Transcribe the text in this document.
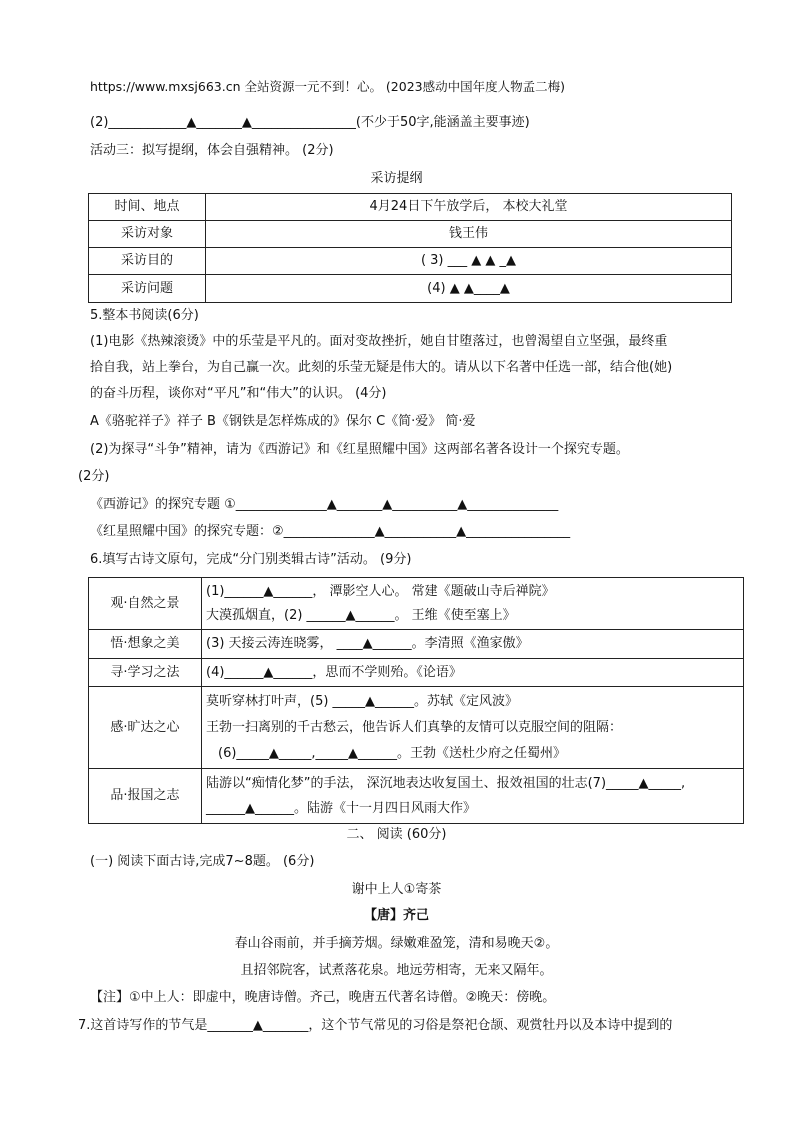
https://www.mxsj663.cn 全站资源一元不到！心。 (2023感动中国年度人物孟二梅)
(2)____________▲_______▲________________(不少于50字,能涵盖主要事迹)
活动三：拟写提纲，体会自强精神。 (2分)
采访提纲
时间、地点	4月24日下午放学后， 本校大礼堂
采访对象	钱王伟
采访目的	( 3) ___ ▲ ▲ _▲
采访问题	(4) ▲ ▲____▲
5.整本书阅读(6分)
(1)电影《热辣滚烫》中的乐莹是平凡的。面对变故挫折，她自甘堕落过，也曾渴望自立坚强，最终重
拾自我，站上拳台，为自己赢一次。此刻的乐莹无疑是伟大的。请从以下名著中任选一部，结合他(她)
的奋斗历程，谈你对“平凡”和“伟大”的认识。 (4分)
A《骆驼祥子》祥子 B《钢铁是怎样炼成的》保尔 C《简·爱》 简·爱
(2)为探寻“斗争”精神，请为《西游记》和《红星照耀中国》这两部名著各设计一个探究专题。
(2分)
《西游记》的探究专题 ①______________▲_______▲__________▲______________
《红星照耀中国》的探究专题：②______________▲___________▲________________
6.填写古诗文原句，完成“分门别类辑古诗”活动。 (9分)
观·自然之景	(1)______▲______， 潭影空人心。 常建《题破山寺后禅院》
大漠孤烟直，(2) ______▲______。 王维《使至塞上》

悟·想象之美	(3) 天接云涛连晓雾， ____▲______。李清照《渔家傲》

寻·学习之法	(4)______▲______，思而不学则殆。《论语》

感·旷达之心	莫听穿林打叶声，(5) _____▲______。苏轼《定风波》
王勃一扫离别的千古愁云，他告诉人们真挚的友情可以克服空间的阻隔：
(6)_____▲_____,_____▲______。王勃《送杜少府之任蜀州》

品·报国之志	陆游以“痴情化梦”的手法， 深沉地表达收复国土、报效祖国的壮志(7)_____▲_____,
______▲______。陆游《十一月四日风雨大作》
二、 阅读 (60分)
(一) 阅读下面古诗,完成7~8题。 (6分)
谢中上人①寄茶
【唐】齐己
春山谷雨前，并手摘芳烟。绿嫩难盈笼，清和易晚天②。
且招邻院客，试煮落花泉。地远劳相寄，无来又隔年。
【注】①中上人：即虚中，晚唐诗僧。齐己，晚唐五代著名诗僧。②晚天：傍晚。
7.这首诗写作的节气是_______▲_______，这个节气常见的习俗是祭祀仓颉、观赏牡丹以及本诗中提到的
